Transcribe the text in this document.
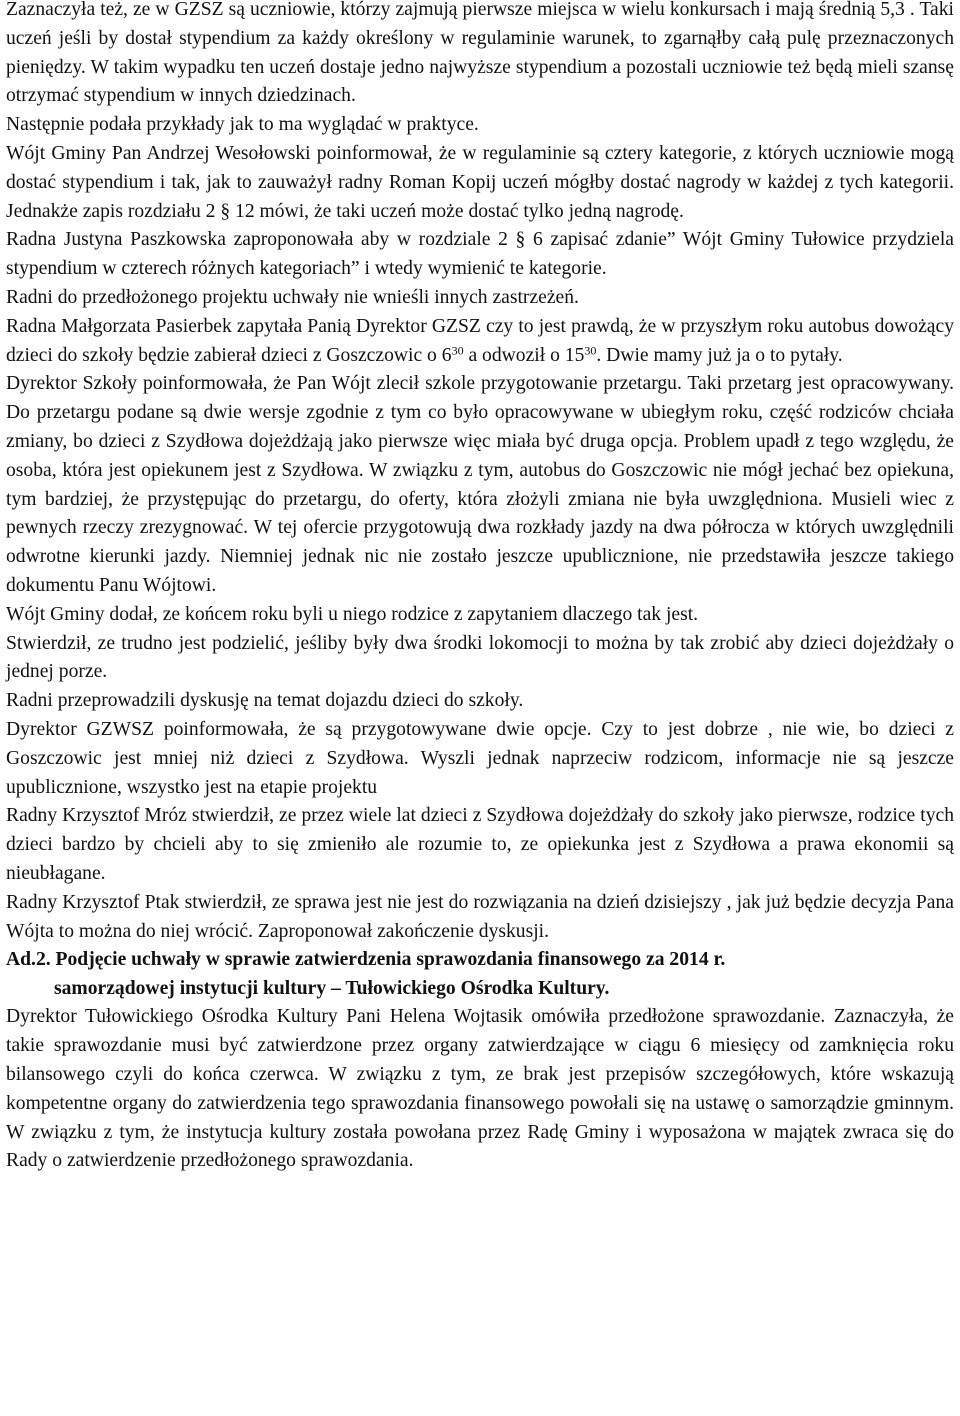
Zaznaczyła też, ze w GZSZ są uczniowie, którzy zajmują pierwsze miejsca w wielu konkursach i mają średnią 5,3 . Taki uczeń jeśli by dostał stypendium za każdy określony w regulaminie warunek, to zgarnąłby całą pulę przeznaczonych pieniędzy. W takim wypadku ten uczeń dostaje jedno najwyższe stypendium a pozostali uczniowie też będą mieli szansę otrzymać stypendium w innych dziedzinach.

Następnie podała przykłady jak to ma wyglądać w praktyce.

Wójt Gminy Pan Andrzej Wesołowski poinformował, że w regulaminie są cztery kategorie, z których uczniowie mogą dostać stypendium i tak, jak to zauważył radny Roman Kopij uczeń mógłby dostać nagrody w każdej z tych kategorii. Jednakże zapis rozdziału 2 § 12 mówi, że taki uczeń może dostać tylko jedną nagrodę.

Radna Justyna Paszkowska zaproponowała aby w rozdziale 2 § 6 zapisać zdanie” Wójt Gminy Tułowice przydziela stypendium w czterech różnych kategoriach” i wtedy wymienić te kategorie.

Radni do przedłożonego projektu uchwały nie wnieśli innych zastrzeżeń.

Radna Małgorzata Pasierbek zapytała Panią Dyrektor GZSZ czy to jest prawdą, że w przyszłym roku autobus dowożący dzieci do szkoły będzie zabierał dzieci z Goszczowic o $6^{30}$ a odwoził o $15^{30}$. Dwie mamy już ja o to pytały.

Dyrektor Szkoły poinformowała, że Pan Wójt zlecił szkole przygotowanie przetargu. Taki przetarg jest opracowywany. Do przetargu podane są dwie wersje zgodnie z tym co było opracowywane w ubiegłym roku, część rodziców chciała zmiany, bo dzieci z Szydłowa dojeżdżają jako pierwsze więc miała być druga opcja. Problem upadł z tego względu, że osoba, która jest opiekunem jest z Szydłowa. W związku z tym, autobus do Goszczowic nie mógł jechać bez opiekuna, tym bardziej, że przystępując do przetargu, do oferty, która złożyli zmiana nie była uwzględniona. Musieli wiec z pewnych rzeczy zrezygnować. W tej ofercie przygotowują dwa rozkłady jazdy na dwa półrocza w których uwzględnili odwrotne kierunki jazdy. Niemniej jednak nic nie zostało jeszcze upublicznione, nie przedstawiła jeszcze takiego dokumentu Panu Wójtowi.

Wójt Gminy dodał, ze końcem roku byli u niego rodzice z zapytaniem dlaczego tak jest.

Stwierdził, ze trudno jest podzielić, jeśliby były dwa środki lokomocji to można by tak zrobić aby dzieci dojeżdżały o jednej porze.

Radni przeprowadzili dyskusję na temat dojazdu dzieci do szkoły.

Dyrektor GZWSZ poinformowała, że są przygotowywane dwie opcje. Czy to jest dobrze , nie wie, bo dzieci z Goszczowic jest mniej niż dzieci z Szydłowa. Wyszli jednak naprzeciw rodzicom, informacje nie są jeszcze upublicznione, wszystko jest na etapie projektu

Radny Krzysztof Mróz stwierdził, ze przez wiele lat dzieci z Szydłowa dojeżdżały do szkoły jako pierwsze, rodzice tych dzieci bardzo by chcieli aby to się zmieniło ale rozumie to, ze opiekunka jest z Szydłowa a prawa ekonomii są nieubłagane.

Radny Krzysztof Ptak stwierdził, ze sprawa jest nie jest do rozwiązania na dzień dzisiejszy , jak już będzie decyzja Pana Wójta to można do niej wrócić. Zaproponował zakończenie dyskusji.

Ad.2. Podjęcie uchwały w sprawie zatwierdzenia sprawozdania finansowego za 2014 r.
samorządowej instytucji kultury – Tułowickiego Ośrodka Kultury.

Dyrektor Tułowickiego Ośrodka Kultury Pani Helena Wojtasik omówiła przedłożone sprawozdanie. Zaznaczyła, że takie sprawozdanie musi być zatwierdzone przez organy zatwierdzające w ciągu 6 miesięcy od zamknięcia roku bilansowego czyli do końca czerwca. W związku z tym, ze brak jest przepisów szczegółowych, które wskazują kompetentne organy do zatwierdzenia tego sprawozdania finansowego powołali się na ustawę o samorządzie gminnym. W związku z tym, że instytucja kultury została powołana przez Radę Gminy i wyposażona w majątek zwraca się do Rady o zatwierdzenie przedłożonego sprawozdania.
